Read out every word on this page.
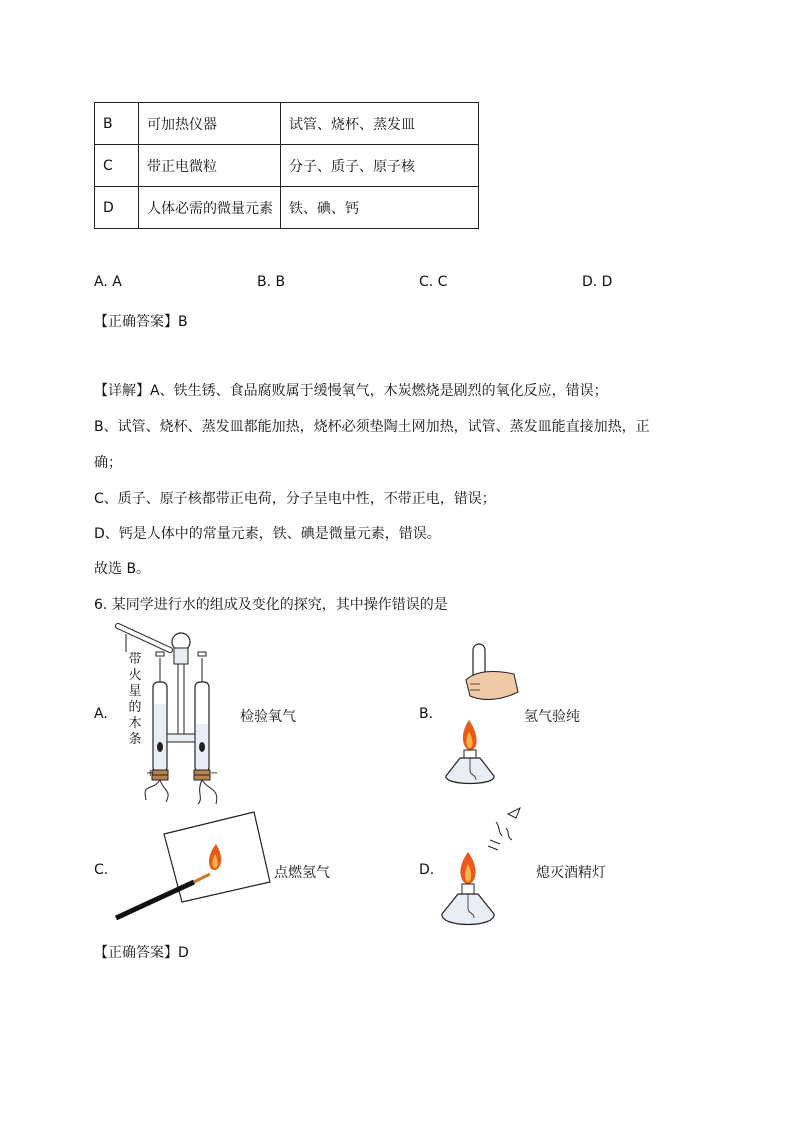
B	可加热仪器	试管、烧杯、蒸发皿
C	带正电微粒	分子、质子、原子核
D	人体必需的微量元素	铁、碘、钙
A. A	B. B	C. C	D. D
【正确答案】B
【详解】A、铁生锈、食品腐败属于缓慢氧气，木炭燃烧是剧烈的氧化反应，错误；
B、试管、烧杯、蒸发皿都能加热，烧杯必须垫陶土网加热，试管、蒸发皿能直接加热，正
确；
C、质子、原子核都带正电荷，分子呈电中性，不带正电，错误；
D、钙是人体中的常量元素，铁、碘是微量元素，错误。
故选 B。
6. 某同学进行水的组成及变化的探究，其中操作错误的是
A.	检验氧气
+	−
带
火
星
的
木
条
B.	氢气验纯
C.	点燃氢气	D.	熄灭酒精灯
【正确答案】D
